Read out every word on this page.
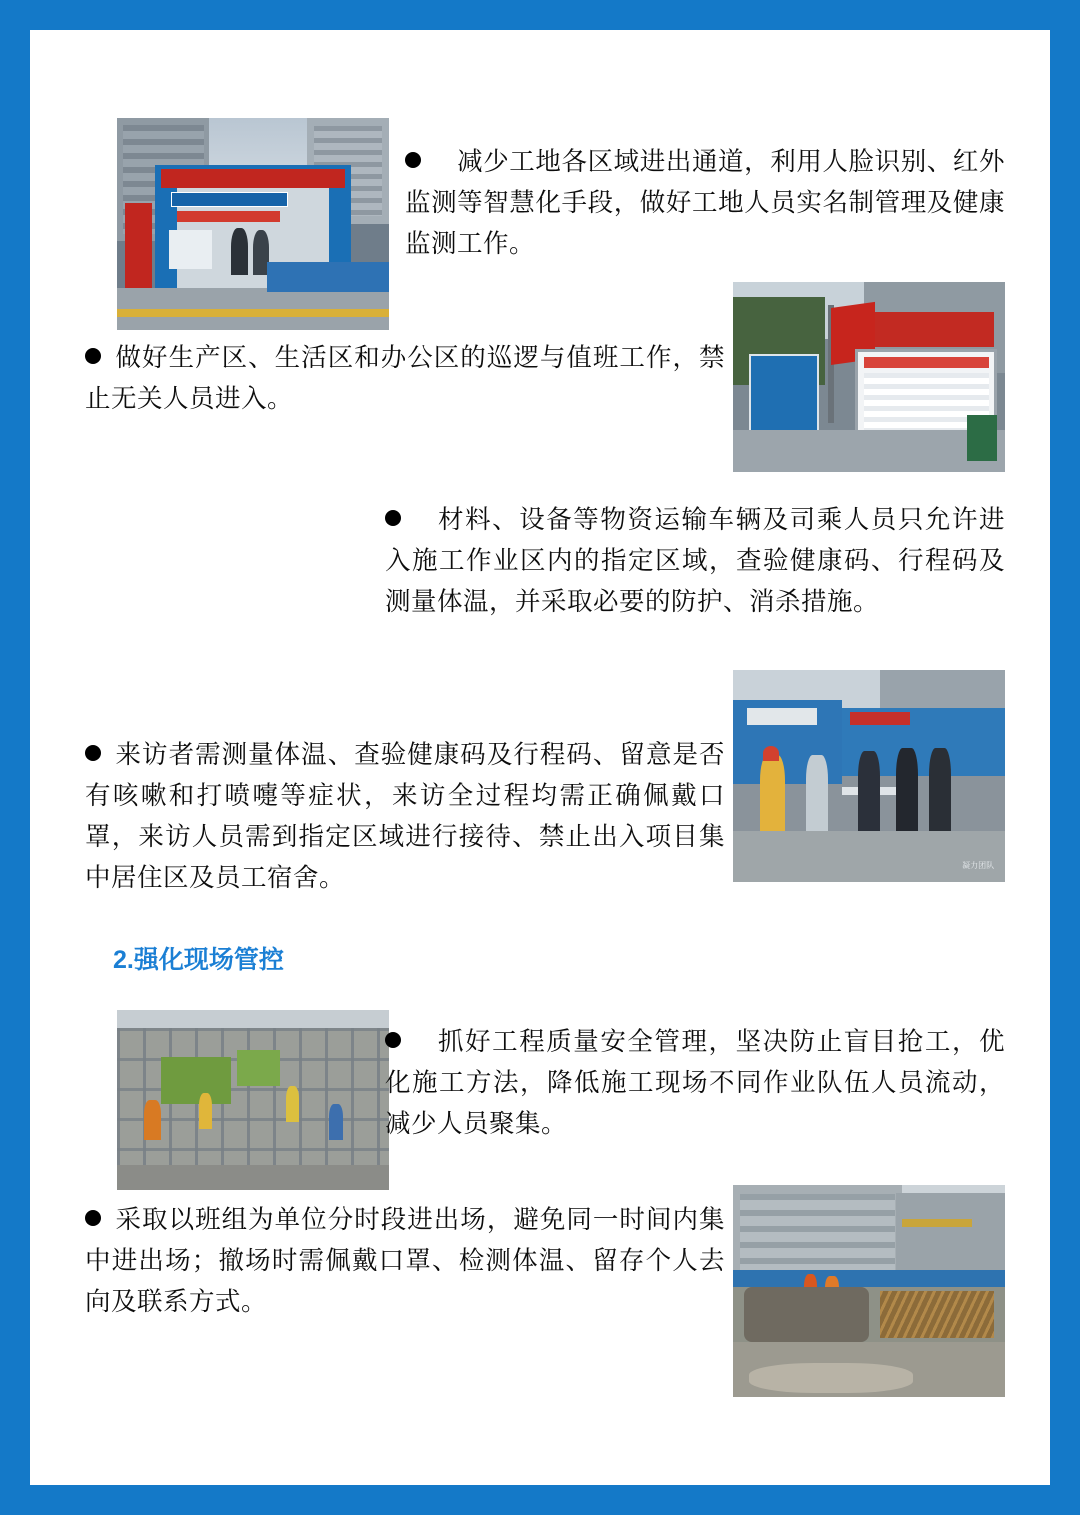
减少工地各区域进出通道，利用人脸识别、红外监测等智慧化手段，做好工地人员实名制管理及健康监测工作。
做好生产区、生活区和办公区的巡逻与值班工作，禁止无关人员进入。
材料、设备等物资运输车辆及司乘人员只允许进入施工作业区内的指定区域，查验健康码、行程码及测量体温，并采取必要的防护、消杀措施。
凝力团队
来访者需测量体温、查验健康码及行程码、留意是否有咳嗽和打喷嚏等症状，来访全过程均需正确佩戴口罩，来访人员需到指定区域进行接待、禁止出入项目集中居住区及员工宿舍。
2.强化现场管控
抓好工程质量安全管理，坚决防止盲目抢工，优化施工方法，降低施工现场不同作业队伍人员流动，减少人员聚集。
采取以班组为单位分时段进出场，避免同一时间内集中进出场；撤场时需佩戴口罩、检测体温、留存个人去向及联系方式。
